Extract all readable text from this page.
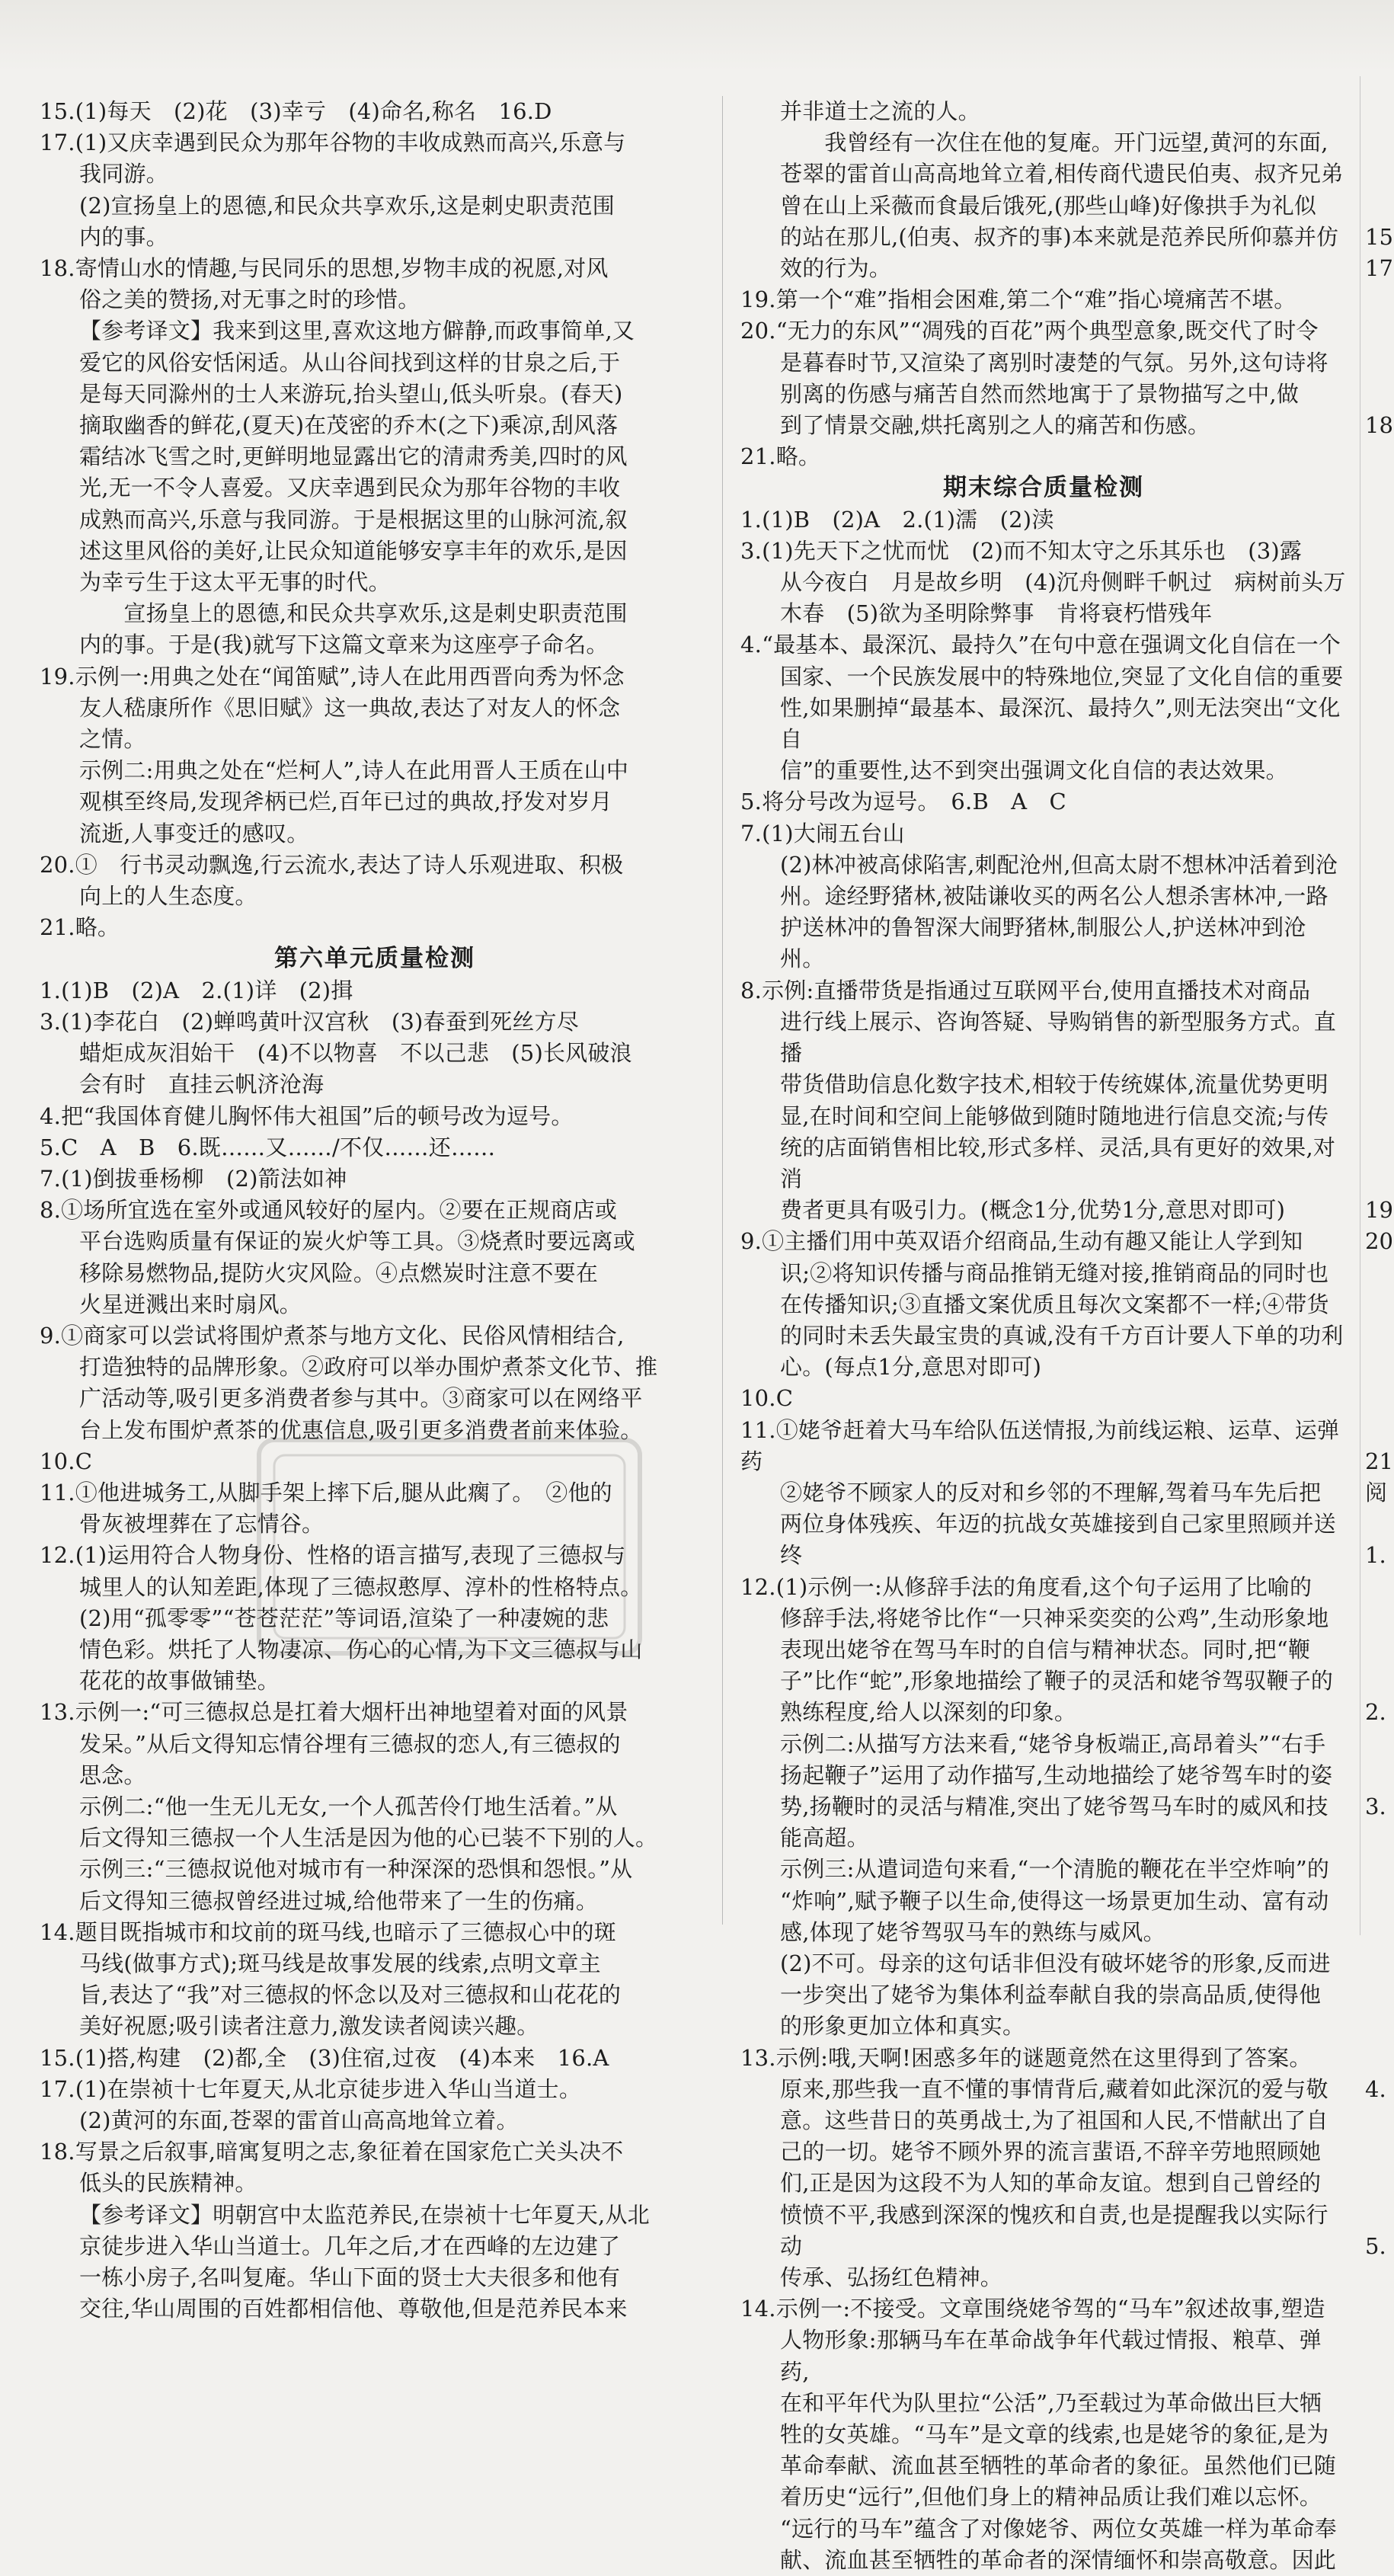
15.(1)每天　(2)花　(3)幸亏　(4)命名,称名　16.D

17.(1)又庆幸遇到民众为那年谷物的丰收成熟而高兴,乐意与

我同游。

(2)宣扬皇上的恩德,和民众共享欢乐,这是刺史职责范围

内的事。

18.寄情山水的情趣,与民同乐的思想,岁物丰成的祝愿,对风

俗之美的赞扬,对无事之时的珍惜。

【参考译文】我来到这里,喜欢这地方僻静,而政事简单,又

爱它的风俗安恬闲适。从山谷间找到这样的甘泉之后,于

是每天同滁州的士人来游玩,抬头望山,低头听泉。(春天)

摘取幽香的鲜花,(夏天)在茂密的乔木(之下)乘凉,刮风落

霜结冰飞雪之时,更鲜明地显露出它的清肃秀美,四时的风

光,无一不令人喜爱。又庆幸遇到民众为那年谷物的丰收

成熟而高兴,乐意与我同游。于是根据这里的山脉河流,叙

述这里风俗的美好,让民众知道能够安享丰年的欢乐,是因

为幸亏生于这太平无事的时代。

　　宣扬皇上的恩德,和民众共享欢乐,这是刺史职责范围

内的事。于是(我)就写下这篇文章来为这座亭子命名。

19.示例一:用典之处在“闻笛赋”,诗人在此用西晋向秀为怀念

友人嵇康所作《思旧赋》这一典故,表达了对友人的怀念

之情。

示例二:用典之处在“烂柯人”,诗人在此用晋人王质在山中

观棋至终局,发现斧柄已烂,百年已过的典故,抒发对岁月

流逝,人事变迁的感叹。

20.①　行书灵动飘逸,行云流水,表达了诗人乐观进取、积极

向上的人生态度。

21.略。

第六单元质量检测

1.(1)B　(2)A　2.(1)详　(2)揖

3.(1)李花白　(2)蝉鸣黄叶汉宫秋　(3)春蚕到死丝方尽

蜡炬成灰泪始干　(4)不以物喜　不以己悲　(5)长风破浪

会有时　直挂云帆济沧海

4.把“我国体育健儿胸怀伟大祖国”后的顿号改为逗号。

5.C　A　B　6.既……又……/不仅……还……

7.(1)倒拔垂杨柳　(2)箭法如神

8.①场所宜选在室外或通风较好的屋内。②要在正规商店或

平台选购质量有保证的炭火炉等工具。③烧煮时要远离或

移除易燃物品,提防火灾风险。④点燃炭时注意不要在

火星迸溅出来时扇风。

9.①商家可以尝试将围炉煮茶与地方文化、民俗风情相结合,

打造独特的品牌形象。②政府可以举办围炉煮茶文化节、推

广活动等,吸引更多消费者参与其中。③商家可以在网络平

台上发布围炉煮茶的优惠信息,吸引更多消费者前来体验。

10.C

11.①他进城务工,从脚手架上摔下后,腿从此瘸了。　②他的

骨灰被埋葬在了忘情谷。

12.(1)运用符合人物身份、性格的语言描写,表现了三德叔与

城里人的认知差距,体现了三德叔憨厚、淳朴的性格特点。

(2)用“孤零零”“苍苍茫茫”等词语,渲染了一种凄婉的悲

情色彩。烘托了人物凄凉、伤心的心情,为下文三德叔与山

花花的故事做铺垫。

13.示例一:“可三德叔总是扛着大烟杆出神地望着对面的风景

发呆。”从后文得知忘情谷埋有三德叔的恋人,有三德叔的

思念。

示例二:“他一生无儿无女,一个人孤苦伶仃地生活着。”从

后文得知三德叔一个人生活是因为他的心已装不下别的人。

示例三:“三德叔说他对城市有一种深深的恐惧和怨恨。”从

后文得知三德叔曾经进过城,给他带来了一生的伤痛。

14.题目既指城市和坟前的斑马线,也暗示了三德叔心中的斑

马线(做事方式);斑马线是故事发展的线索,点明文章主

旨,表达了“我”对三德叔的怀念以及对三德叔和山花花的

美好祝愿;吸引读者注意力,激发读者阅读兴趣。

15.(1)搭,构建　(2)都,全　(3)住宿,过夜　(4)本来　16.A

17.(1)在崇祯十七年夏天,从北京徒步进入华山当道士。

(2)黄河的东面,苍翠的雷首山高高地耸立着。

18.写景之后叙事,暗寓复明之志,象征着在国家危亡关头决不

低头的民族精神。

【参考译文】明朝宫中太监范养民,在崇祯十七年夏天,从北

京徒步进入华山当道士。几年之后,才在西峰的左边建了

一栋小房子,名叫复庵。华山下面的贤士大夫很多和他有

交往,华山周围的百姓都相信他、尊敬他,但是范养民本来

并非道士之流的人。

　　我曾经有一次住在他的复庵。开门远望,黄河的东面,

苍翠的雷首山高高地耸立着,相传商代遗民伯夷、叔齐兄弟

曾在山上采薇而食最后饿死,(那些山峰)好像拱手为礼似

的站在那儿,(伯夷、叔齐的事)本来就是范养民所仰慕并仿

效的行为。

19.第一个“难”指相会困难,第二个“难”指心境痛苦不堪。

20.“无力的东风”“凋残的百花”两个典型意象,既交代了时令

是暮春时节,又渲染了离别时凄楚的气氛。另外,这句诗将

别离的伤感与痛苦自然而然地寓于了景物描写之中,做

到了情景交融,烘托离别之人的痛苦和伤感。

21.略。

期末综合质量检测

1.(1)B　(2)A　2.(1)濡　(2)渎

3.(1)先天下之忧而忧　(2)而不知太守之乐其乐也　(3)露

从今夜白　月是故乡明　(4)沉舟侧畔千帆过　病树前头万

木春　(5)欲为圣明除弊事　肯将衰朽惜残年

4.“最基本、最深沉、最持久”在句中意在强调文化自信在一个

国家、一个民族发展中的特殊地位,突显了文化自信的重要

性,如果删掉“最基本、最深沉、最持久”,则无法突出“文化自

信”的重要性,达不到突出强调文化自信的表达效果。

5.将分号改为逗号。　6.B　A　C

7.(1)大闹五台山

(2)林冲被高俅陷害,刺配沧州,但高太尉不想林冲活着到沧

州。途经野猪林,被陆谦收买的两名公人想杀害林冲,一路

护送林冲的鲁智深大闹野猪林,制服公人,护送林冲到沧州。

8.示例:直播带货是指通过互联网平台,使用直播技术对商品

进行线上展示、咨询答疑、导购销售的新型服务方式。直播

带货借助信息化数字技术,相较于传统媒体,流量优势更明

显,在时间和空间上能够做到随时随地进行信息交流;与传

统的店面销售相比较,形式多样、灵活,具有更好的效果,对消

费者更具有吸引力。(概念1分,优势1分,意思对即可)

9.①主播们用中英双语介绍商品,生动有趣又能让人学到知

识;②将知识传播与商品推销无缝对接,推销商品的同时也

在传播知识;③直播文案优质且每次文案都不一样;④带货

的同时未丢失最宝贵的真诚,没有千方百计要人下单的功利

心。(每点1分,意思对即可)

10.C

11.①姥爷赶着大马车给队伍送情报,为前线运粮、运草、运弹药

②姥爷不顾家人的反对和乡邻的不理解,驾着马车先后把

两位身体残疾、年迈的抗战女英雄接到自己家里照顾并送终

12.(1)示例一:从修辞手法的角度看,这个句子运用了比喻的

修辞手法,将姥爷比作“一只神采奕奕的公鸡”,生动形象地

表现出姥爷在驾马车时的自信与精神状态。同时,把“鞭

子”比作“蛇”,形象地描绘了鞭子的灵活和姥爷驾驭鞭子的

熟练程度,给人以深刻的印象。

示例二:从描写方法来看,“姥爷身板端正,高昂着头”“右手

扬起鞭子”运用了动作描写,生动地描绘了姥爷驾车时的姿

势,扬鞭时的灵活与精准,突出了姥爷驾马车时的威风和技

能高超。

示例三:从遣词造句来看,“一个清脆的鞭花在半空炸响”的

“炸响”,赋予鞭子以生命,使得这一场景更加生动、富有动

感,体现了姥爷驾驭马车的熟练与威风。

(2)不可。母亲的这句话非但没有破坏姥爷的形象,反而进

一步突出了姥爷为集体利益奉献自我的崇高品质,使得他

的形象更加立体和真实。

13.示例:哦,天啊!困惑多年的谜题竟然在这里得到了答案。

原来,那些我一直不懂的事情背后,藏着如此深沉的爱与敬

意。这些昔日的英勇战士,为了祖国和人民,不惜献出了自

己的一切。姥爷不顾外界的流言蜚语,不辞辛劳地照顾她

们,正是因为这段不为人知的革命友谊。想到自己曾经的

愤愤不平,我感到深深的愧疚和自责,也是提醒我以实际行动

传承、弘扬红色精神。

14.示例一:不接受。文章围绕姥爷驾的“马车”叙述故事,塑造

人物形象:那辆马车在革命战争年代载过情报、粮草、弹药,

在和平年代为队里拉“公活”,乃至载过为革命做出巨大牺

牲的女英雄。“马车”是文章的线索,也是姥爷的象征,是为

革命奉献、流血甚至牺牲的革命者的象征。虽然他们已随

着历史“远行”,但他们身上的精神品质让我们难以忘怀。

“远行的马车”蕴含了对像姥爷、两位女英雄一样为革命奉

献、流血甚至牺牲的革命者的深情缅怀和崇高敬意。因此

15
17
18
19
20
21
阅
1.
2.
3.
4.
5.
